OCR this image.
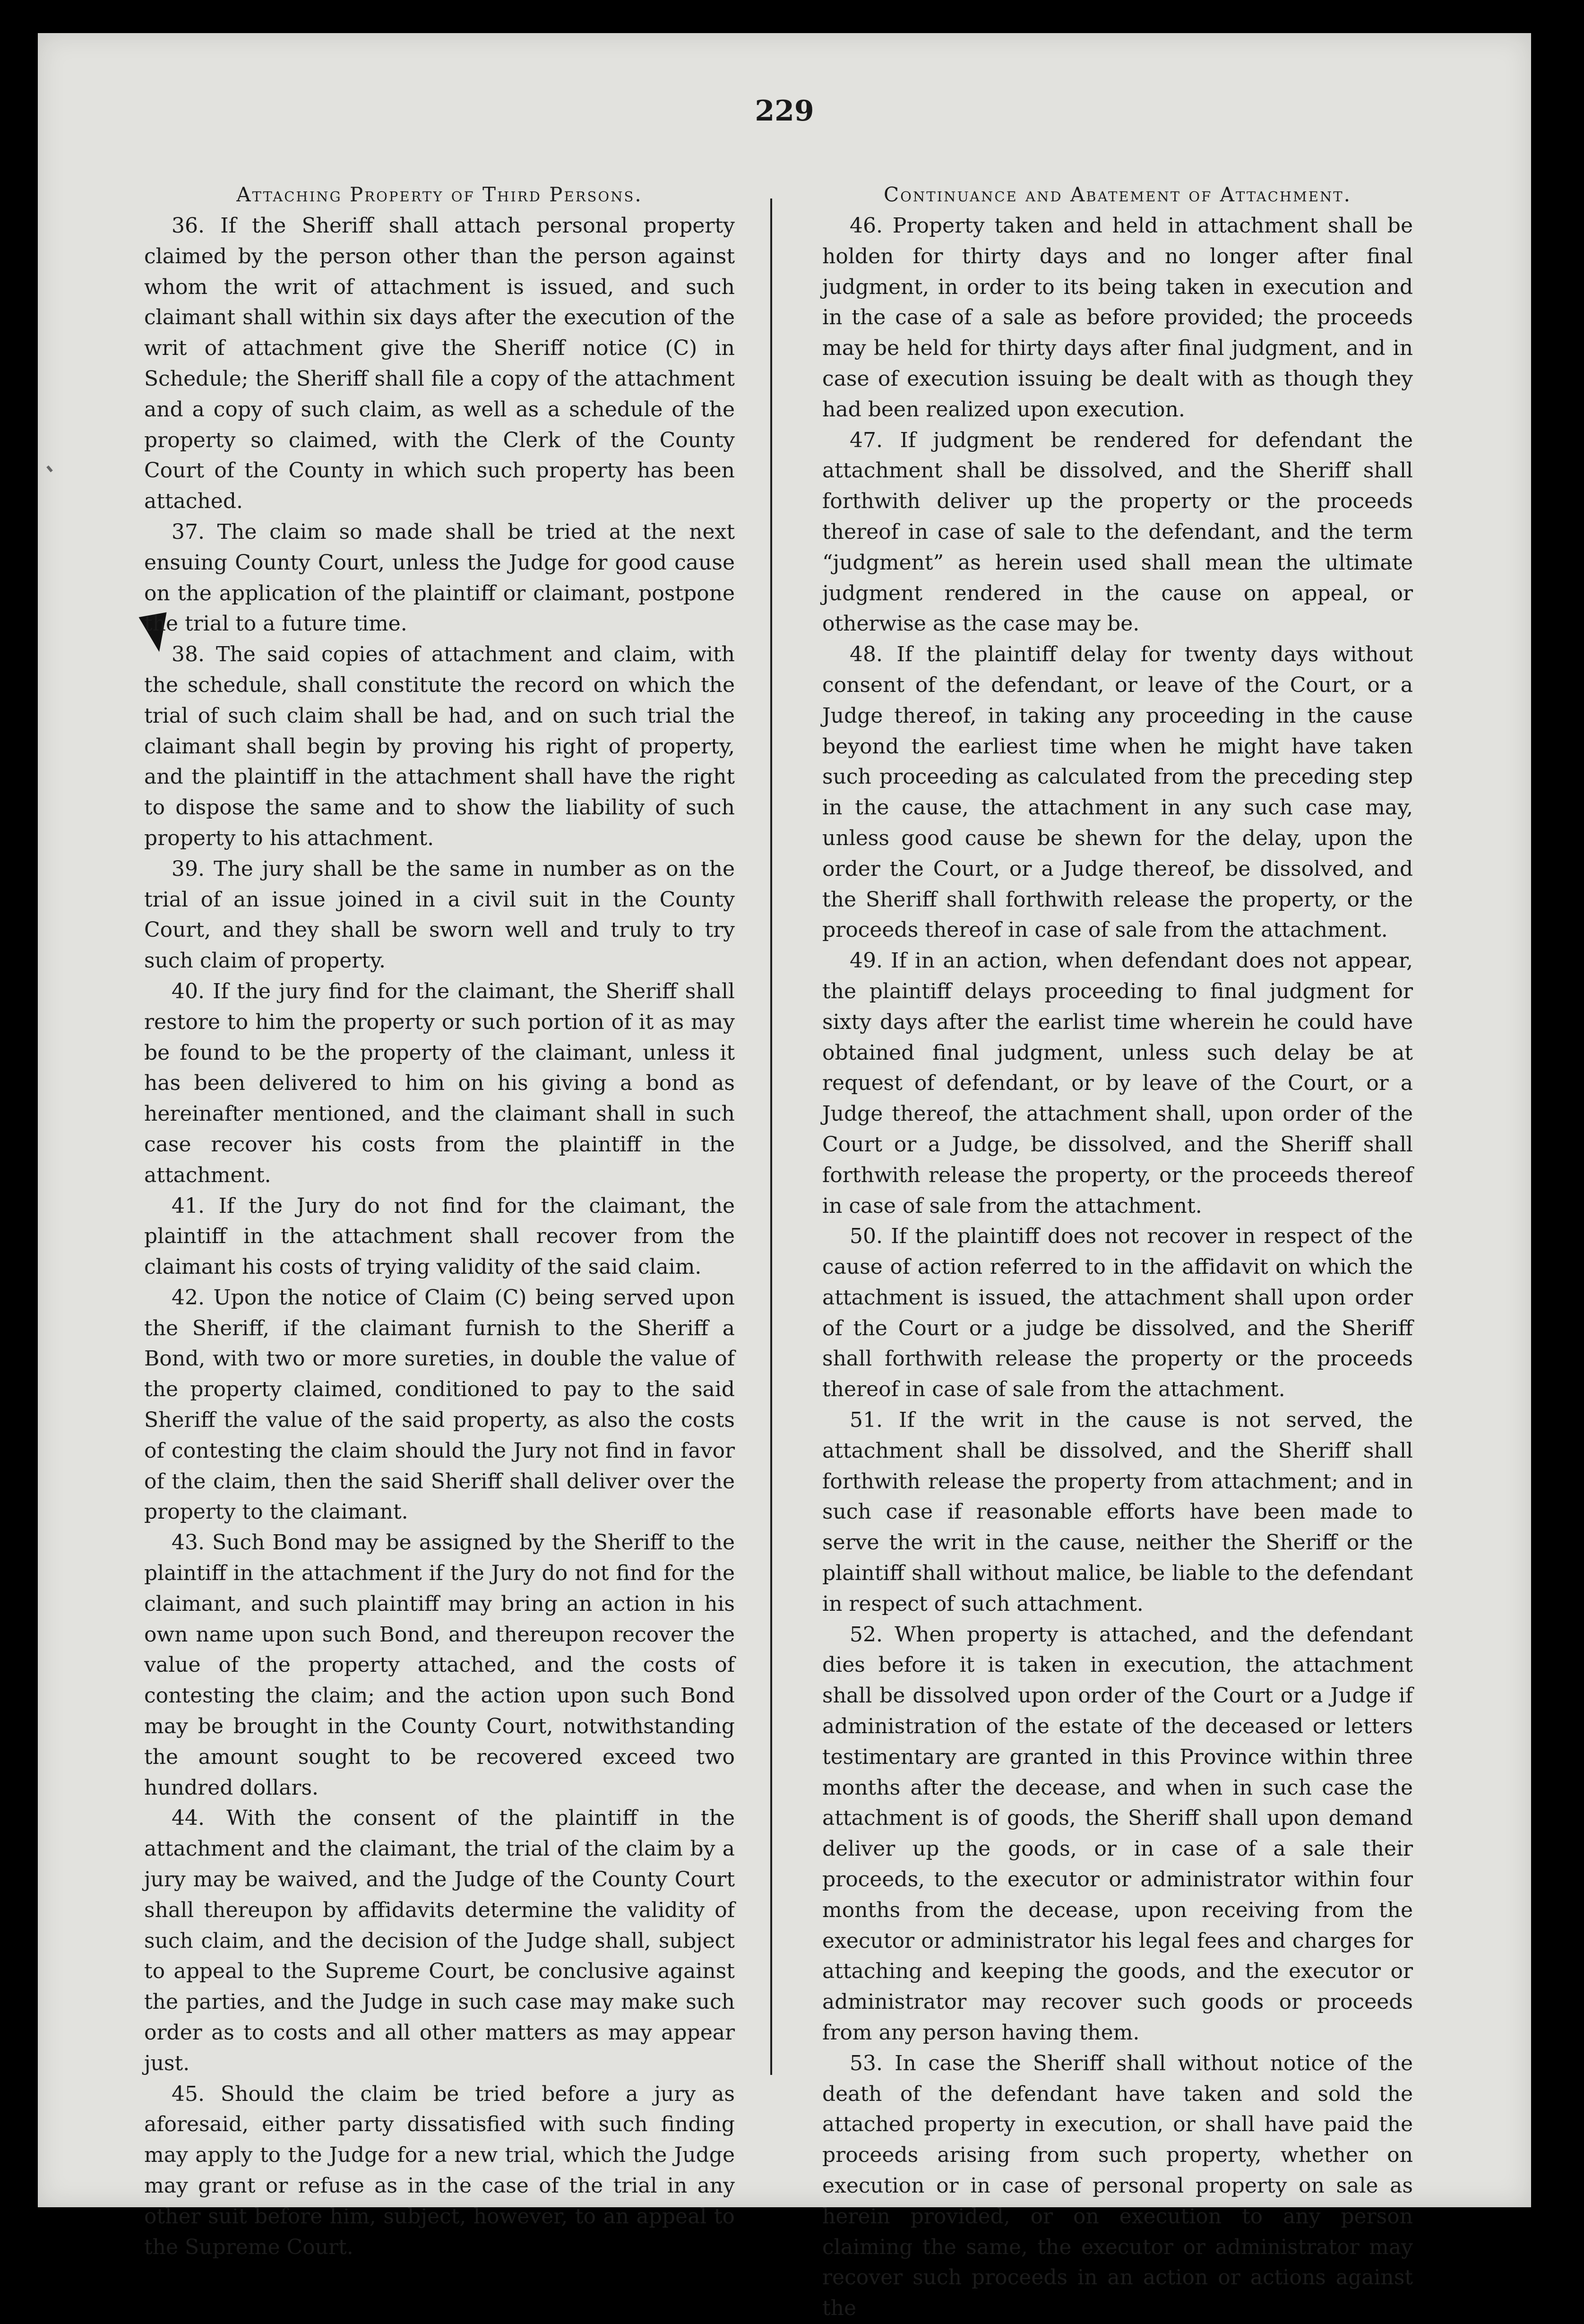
229
Attaching Property of Third Persons.

36. If the Sheriff shall attach personal property claimed by the person other than the person against whom the writ of attachment is issued, and such claimant shall within six days after the execution of the writ of attachment give the Sheriff notice (C) in Schedule; the Sheriff shall file a copy of the attachment and a copy of such claim, as well as a schedule of the property so claimed, with the Clerk of the County Court of the County in which such property has been attached.

37. The claim so made shall be tried at the next ensuing County Court, unless the Judge for good cause on the application of the plaintiff or claimant, postpone the trial to a future time.

38. The said copies of attachment and claim, with the schedule, shall constitute the record on which the trial of such claim shall be had, and on such trial the claimant shall begin by proving his right of property, and the plaintiff in the attachment shall have the right to dispose the same and to show the liability of such property to his attachment.

39. The jury shall be the same in number as on the trial of an issue joined in a civil suit in the County Court, and they shall be sworn well and truly to try such claim of property.

40. If the jury find for the claimant, the Sheriff shall restore to him the property or such portion of it as may be found to be the property of the claimant, unless it has been delivered to him on his giving a bond as hereinafter mentioned, and the claimant shall in such case recover his costs from the plaintiff in the attachment.

41. If the Jury do not find for the claimant, the plaintiff in the attachment shall recover from the claimant his costs of trying validity of the said claim.

42. Upon the notice of Claim (C) being served upon the Sheriff, if the claimant furnish to the Sheriff a Bond, with two or more sureties, in double the value of the property claimed, conditioned to pay to the said Sheriff the value of the said property, as also the costs of contesting the claim should the Jury not find in favor of the claim, then the said Sheriff shall deliver over the property to the claimant.

43. Such Bond may be assigned by the Sheriff to the plaintiff in the attachment if the Jury do not find for the claimant, and such plaintiff may bring an action in his own name upon such Bond, and thereupon recover the value of the property attached, and the costs of contesting the claim; and the action upon such Bond may be brought in the County Court, notwithstanding the amount sought to be recovered exceed two hundred dollars.

44. With the consent of the plaintiff in the attachment and the claimant, the trial of the claim by a jury may be waived, and the Judge of the County Court shall thereupon by affidavits determine the validity of such claim, and the decision of the Judge shall, subject to appeal to the Supreme Court, be conclusive against the parties, and the Judge in such case may make such order as to costs and all other matters as may appear just.

45. Should the claim be tried before a jury as aforesaid, either party dissatisfied with such finding may apply to the Judge for a new trial, which the Judge may grant or refuse as in the case of the trial in any other suit before him, subject, however, to an appeal to the Supreme Court.

Continuance and Abatement of Attachment.

46. Property taken and held in attachment shall be holden for thirty days and no longer after final judgment, in order to its being taken in execution and in the case of a sale as before provided; the proceeds may be held for thirty days after final judgment, and in case of execution issuing be dealt with as though they had been realized upon execution.

47. If judgment be rendered for defendant the attachment shall be dissolved, and the Sheriff shall forthwith deliver up the property or the proceeds thereof in case of sale to the defendant, and the term “judgment” as herein used shall mean the ultimate judgment rendered in the cause on appeal, or otherwise as the case may be.

48. If the plaintiff delay for twenty days without consent of the defendant, or leave of the Court, or a Judge thereof, in taking any proceeding in the cause beyond the earliest time when he might have taken such proceeding as calculated from the preceding step in the cause, the attachment in any such case may, unless good cause be shewn for the delay, upon the order the Court, or a Judge thereof, be dissolved, and the Sheriff shall forthwith release the property, or the proceeds thereof in case of sale from the attachment.

49. If in an action, when defendant does not appear, the plaintiff delays proceeding to final judgment for sixty days after the earlist time wherein he could have obtained final judgment, unless such delay be at request of defendant, or by leave of the Court, or a Judge thereof, the attachment shall, upon order of the Court or a Judge, be dissolved, and the Sheriff shall forthwith release the property, or the proceeds thereof in case of sale from the attachment.

50. If the plaintiff does not recover in respect of the cause of action referred to in the affidavit on which the attachment is issued, the attachment shall upon order of the Court or a judge be dissolved, and the Sheriff shall forthwith release the property or the proceeds thereof in case of sale from the attachment.

51. If the writ in the cause is not served, the attachment shall be dissolved, and the Sheriff shall forthwith release the property from attachment; and in such case if reasonable efforts have been made to serve the writ in the cause, neither the Sheriff or the plaintiff shall without malice, be liable to the defendant in respect of such attachment.

52. When property is attached, and the defendant dies before it is taken in execution, the attachment shall be dissolved upon order of the Court or a Judge if administration of the estate of the deceased or letters testimentary are granted in this Province within three months after the decease, and when in such case the attachment is of goods, the Sheriff shall upon demand deliver up the goods, or in case of a sale their proceeds, to the executor or administrator within four months from the decease, upon receiving from the executor or administrator his legal fees and charges for attaching and keeping the goods, and the executor or administrator may recover such goods or proceeds from any person having them.

53. In case the Sheriff shall without notice of the death of the defendant have taken and sold the attached property in execution, or shall have paid the proceeds arising from such property, whether on execution or in case of personal property on sale as herein provided, or on execution to any person claiming the same, the executor or administrator may recover such proceeds in an action or actions against the
